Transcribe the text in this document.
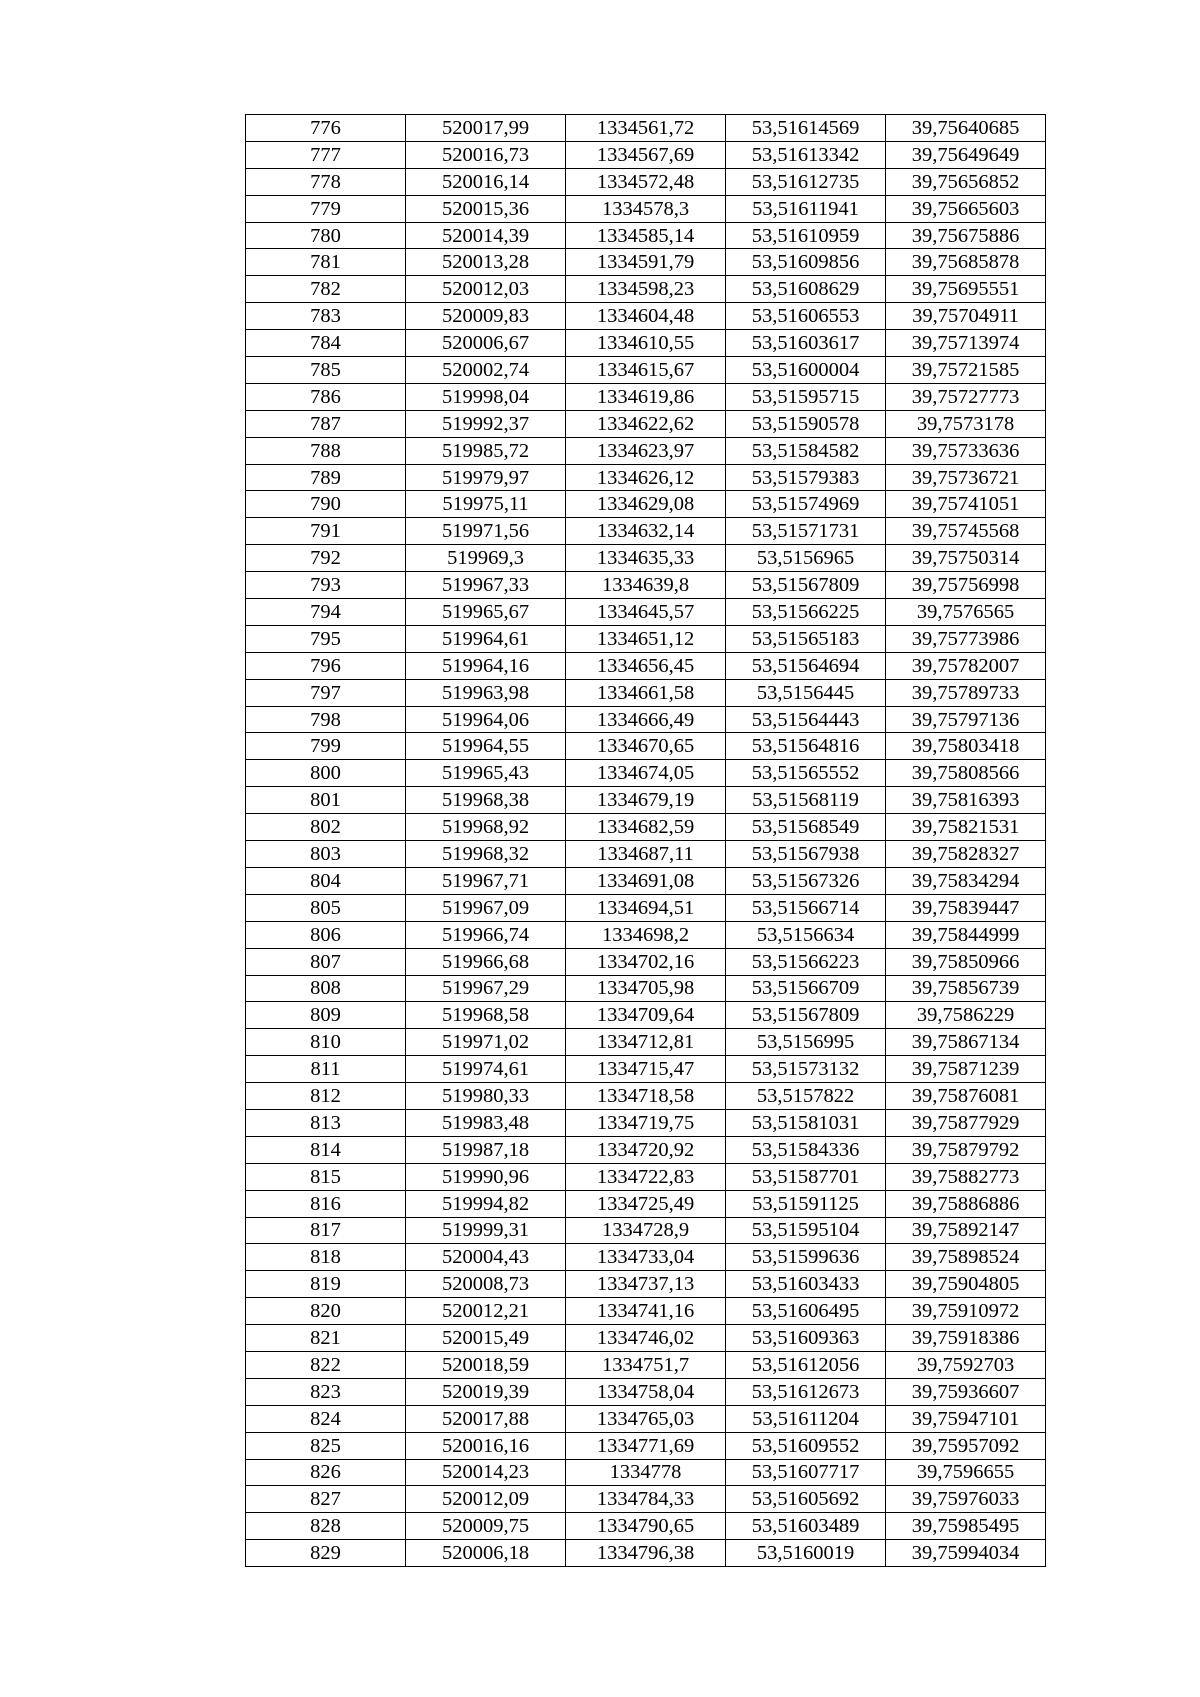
776	520017,99	1334561,72	53,51614569	39,75640685
777	520016,73	1334567,69	53,51613342	39,75649649
778	520016,14	1334572,48	53,51612735	39,75656852
779	520015,36	1334578,3	53,51611941	39,75665603
780	520014,39	1334585,14	53,51610959	39,75675886
781	520013,28	1334591,79	53,51609856	39,75685878
782	520012,03	1334598,23	53,51608629	39,75695551
783	520009,83	1334604,48	53,51606553	39,75704911
784	520006,67	1334610,55	53,51603617	39,75713974
785	520002,74	1334615,67	53,51600004	39,75721585
786	519998,04	1334619,86	53,51595715	39,75727773
787	519992,37	1334622,62	53,51590578	39,7573178
788	519985,72	1334623,97	53,51584582	39,75733636
789	519979,97	1334626,12	53,51579383	39,75736721
790	519975,11	1334629,08	53,51574969	39,75741051
791	519971,56	1334632,14	53,51571731	39,75745568
792	519969,3	1334635,33	53,5156965	39,75750314
793	519967,33	1334639,8	53,51567809	39,75756998
794	519965,67	1334645,57	53,51566225	39,7576565
795	519964,61	1334651,12	53,51565183	39,75773986
796	519964,16	1334656,45	53,51564694	39,75782007
797	519963,98	1334661,58	53,5156445	39,75789733
798	519964,06	1334666,49	53,51564443	39,75797136
799	519964,55	1334670,65	53,51564816	39,75803418
800	519965,43	1334674,05	53,51565552	39,75808566
801	519968,38	1334679,19	53,51568119	39,75816393
802	519968,92	1334682,59	53,51568549	39,75821531
803	519968,32	1334687,11	53,51567938	39,75828327
804	519967,71	1334691,08	53,51567326	39,75834294
805	519967,09	1334694,51	53,51566714	39,75839447
806	519966,74	1334698,2	53,5156634	39,75844999
807	519966,68	1334702,16	53,51566223	39,75850966
808	519967,29	1334705,98	53,51566709	39,75856739
809	519968,58	1334709,64	53,51567809	39,7586229
810	519971,02	1334712,81	53,5156995	39,75867134
811	519974,61	1334715,47	53,51573132	39,75871239
812	519980,33	1334718,58	53,5157822	39,75876081
813	519983,48	1334719,75	53,51581031	39,75877929
814	519987,18	1334720,92	53,51584336	39,75879792
815	519990,96	1334722,83	53,51587701	39,75882773
816	519994,82	1334725,49	53,51591125	39,75886886
817	519999,31	1334728,9	53,51595104	39,75892147
818	520004,43	1334733,04	53,51599636	39,75898524
819	520008,73	1334737,13	53,51603433	39,75904805
820	520012,21	1334741,16	53,51606495	39,75910972
821	520015,49	1334746,02	53,51609363	39,75918386
822	520018,59	1334751,7	53,51612056	39,7592703
823	520019,39	1334758,04	53,51612673	39,75936607
824	520017,88	1334765,03	53,51611204	39,75947101
825	520016,16	1334771,69	53,51609552	39,75957092
826	520014,23	1334778	53,51607717	39,7596655
827	520012,09	1334784,33	53,51605692	39,75976033
828	520009,75	1334790,65	53,51603489	39,75985495
829	520006,18	1334796,38	53,5160019	39,75994034
